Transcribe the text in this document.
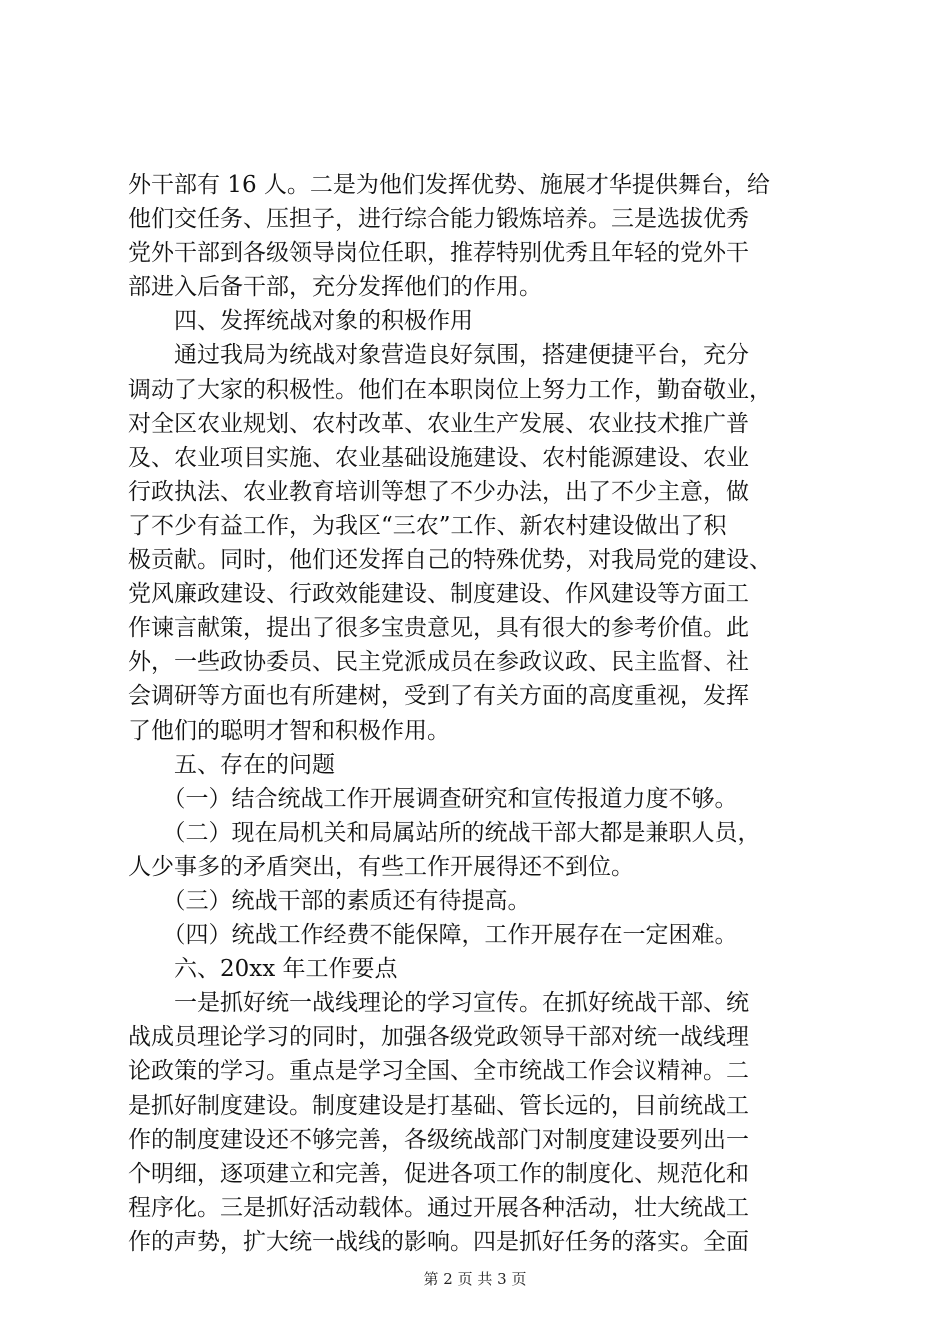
外干部有 16 人。二是为他们发挥优势、施展才华提供舞台，给
他们交任务、压担子，进行综合能力锻炼培养。三是选拔优秀
党外干部到各级领导岗位任职，推荐特别优秀且年轻的党外干
部进入后备干部，充分发挥他们的作用。
　　四、发挥统战对象的积极作用
　　通过我局为统战对象营造良好氛围，搭建便捷平台，充分
调动了大家的积极性。他们在本职岗位上努力工作，勤奋敬业，
对全区农业规划、农村改革、农业生产发展、农业技术推广普
及、农业项目实施、农业基础设施建设、农村能源建设、农业
行政执法、农业教育培训等想了不少办法，出了不少主意，做
了不少有益工作，为我区“三农”工作、新农村建设做出了积
极贡献。同时，他们还发挥自己的特殊优势，对我局党的建设、
党风廉政建设、行政效能建设、制度建设、作风建设等方面工
作谏言献策，提出了很多宝贵意见，具有很大的参考价值。此
外，一些政协委员、民主党派成员在参政议政、民主监督、社
会调研等方面也有所建树，受到了有关方面的高度重视，发挥
了他们的聪明才智和积极作用。
　　五、存在的问题
　　（一）结合统战工作开展调查研究和宣传报道力度不够。
　　（二）现在局机关和局属站所的统战干部大都是兼职人员，
人少事多的矛盾突出，有些工作开展得还不到位。
　　（三）统战干部的素质还有待提高。
　　（四）统战工作经费不能保障，工作开展存在一定困难。
　　六、20xx 年工作要点
　　一是抓好统一战线理论的学习宣传。在抓好统战干部、统
战成员理论学习的同时，加强各级党政领导干部对统一战线理
论政策的学习。重点是学习全国、全市统战工作会议精神。二
是抓好制度建设。制度建设是打基础、管长远的，目前统战工
作的制度建设还不够完善，各级统战部门对制度建设要列出一
个明细，逐项建立和完善，促进各项工作的制度化、规范化和
程序化。三是抓好活动载体。通过开展各种活动，壮大统战工
作的声势，扩大统一战线的影响。四是抓好任务的落实。全面
第 2 页 共 3 页
